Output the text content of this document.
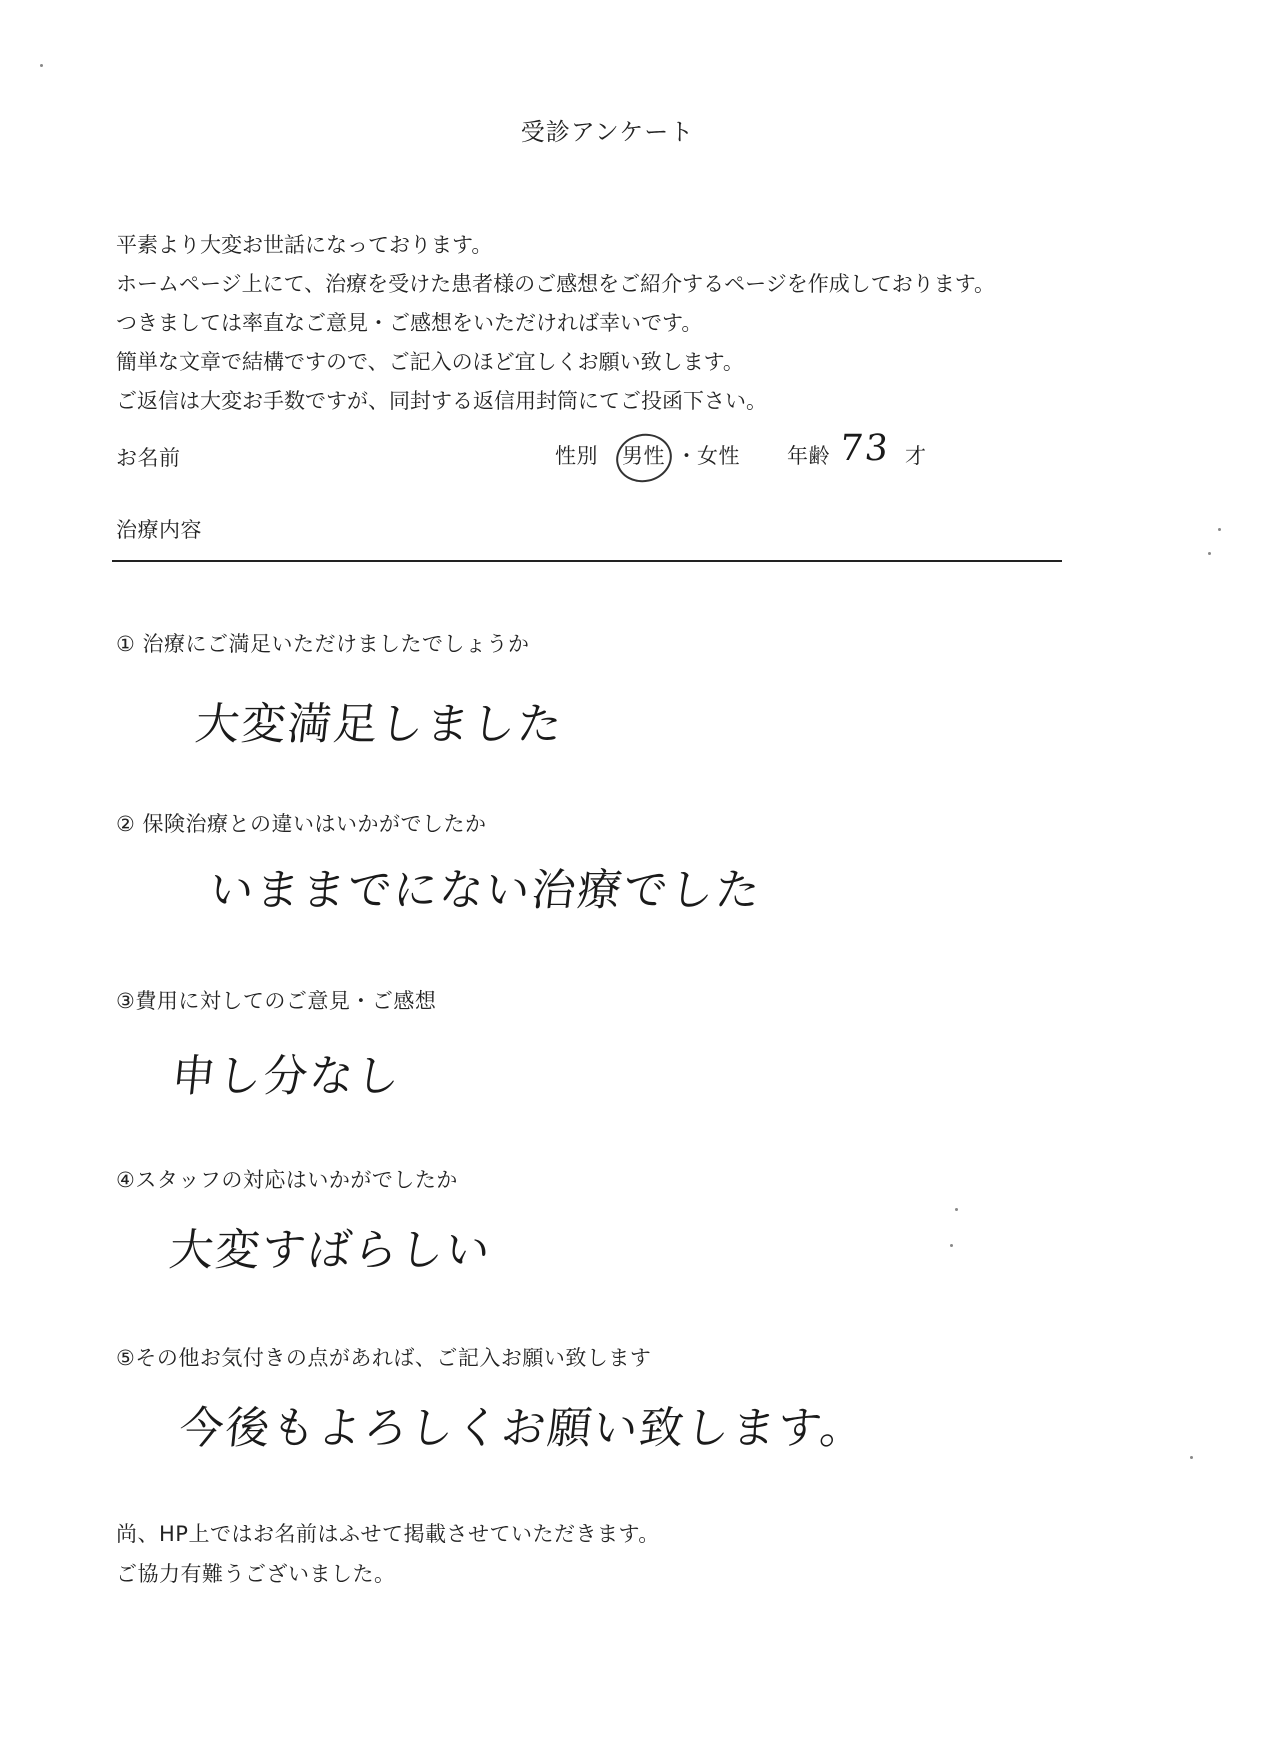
受診アンケート
平素より大変お世話になっております。
ホームページ上にて、治療を受けた患者様のご感想をご紹介するページを作成しております。
つきましては率直なご意見・ご感想をいただければ幸いです。
簡単な文章で結構ですので、ご記入のほど宜しくお願い致します。
ご返信は大変お手数ですが、同封する返信用封筒にてご投函下さい。
お名前	性別 男性 ・ 女性 年齢 73 才
治療内容
① 治療にご満足いただけましたでしょうか
大変満足しました
② 保険治療との違いはいかがでしたか
いままでにない治療でした
③費用に対してのご意見・ご感想
申し分なし
④スタッフの対応はいかがでしたか
大変すばらしい
⑤その他お気付きの点があれば、ご記入お願い致します
今後もよろしくお願い致します。
尚、HP上ではお名前はふせて掲載させていただきます。
ご協力有難うございました。
